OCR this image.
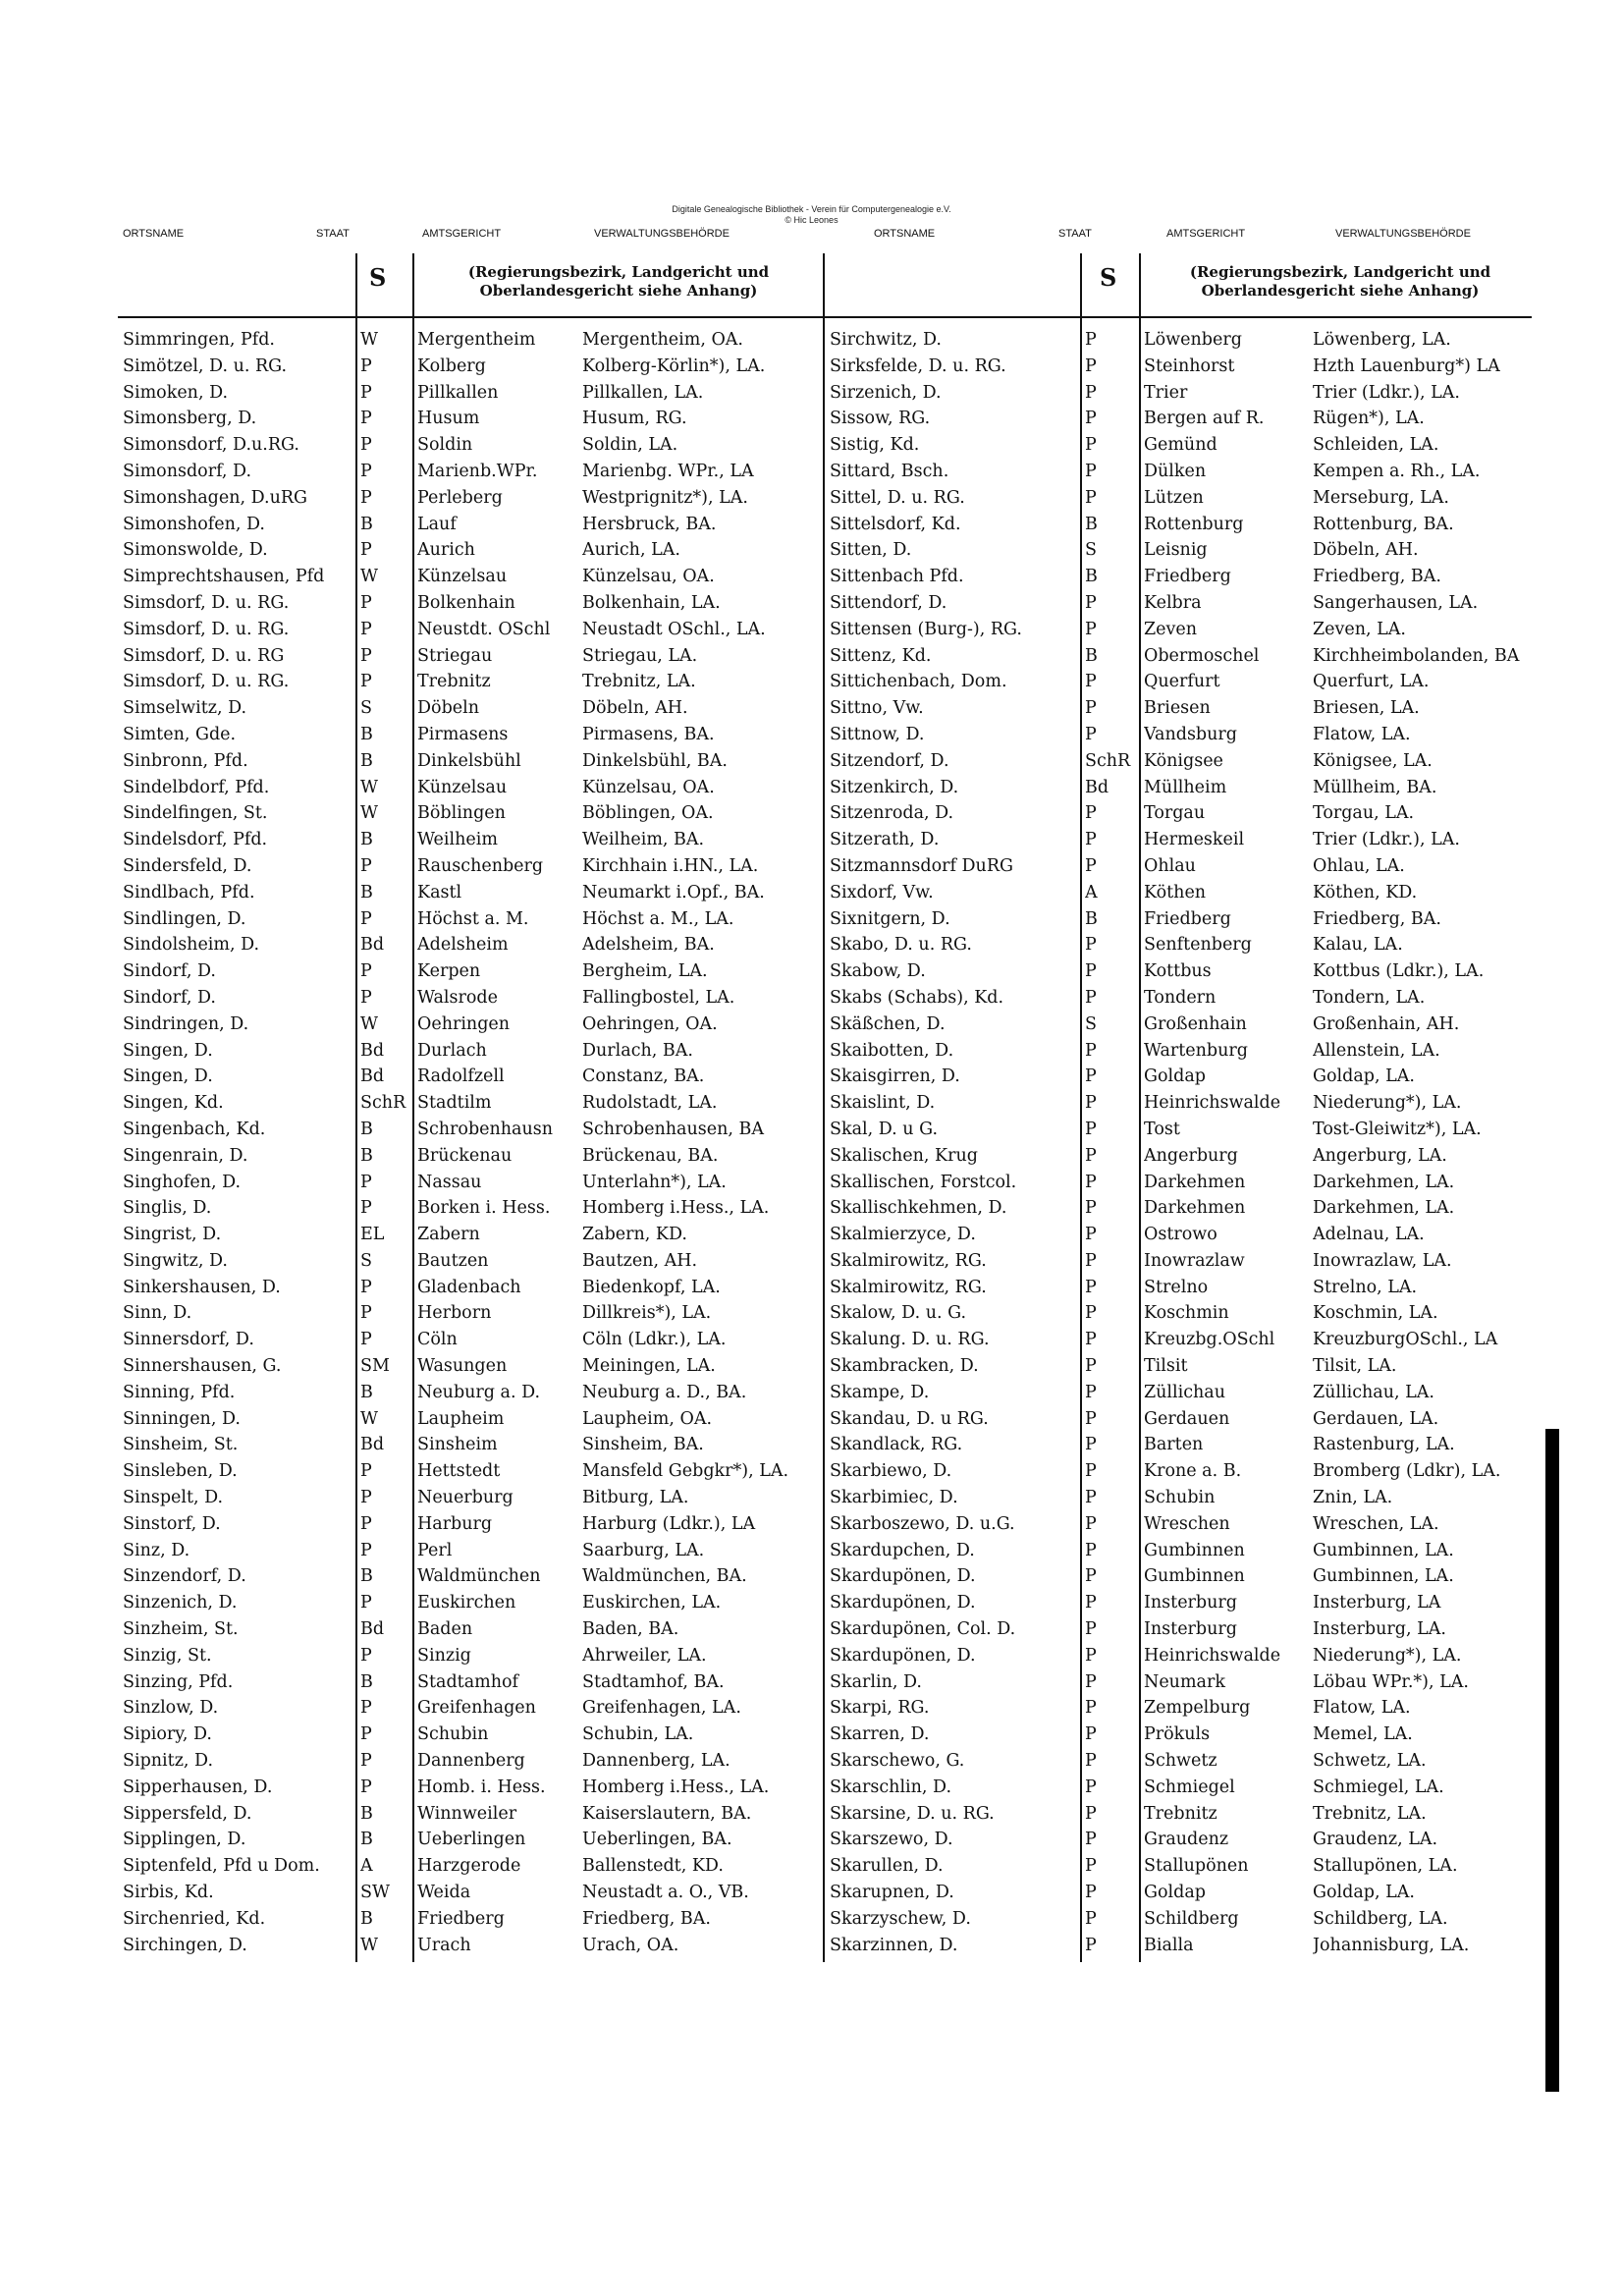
Digitale Genealogische Bibliothek - Verein für Computergenealogie e.V.
© Hic Leones
ORTSNAME	STAAT	AMTSGERICHT	VERWALTUNGSBEHÖRDE	ORTSNAME	STAAT	AMTSGERICHT	VERWALTUNGSBEHÖRDE
S	S
(Regierungsbezirk, Landgericht und Oberlandesgericht siehe Anhang)
(Regierungsbezirk, Landgericht und Oberlandesgericht siehe Anhang)
Simmringen, Pfd.	W	Mergentheim	Mergentheim, OA.
Simötzel, D. u. RG.	P	Kolberg	Kolberg-Körlin*), LA.
Simoken, D.	P	Pillkallen	Pillkallen, LA.
Simonsberg, D.	P	Husum	Husum, RG.
Simonsdorf, D.u.RG.	P	Soldin	Soldin, LA.
Simonsdorf, D.	P	Marienb.WPr.	Marienbg. WPr., LA
Simonshagen, D.uRG	P	Perleberg	Westprignitz*), LA.
Simonshofen, D.	B	Lauf	Hersbruck, BA.
Simonswolde, D.	P	Aurich	Aurich, LA.
Simprechtshausen, Pfd	W	Künzelsau	Künzelsau, OA.
Simsdorf, D. u. RG.	P	Bolkenhain	Bolkenhain, LA.
Simsdorf, D. u. RG.	P	Neustdt. OSchl	Neustadt OSchl., LA.
Simsdorf, D. u. RG	P	Striegau	Striegau, LA.
Simsdorf, D. u. RG.	P	Trebnitz	Trebnitz, LA.
Simselwitz, D.	S	Döbeln	Döbeln, AH.
Simten, Gde.	B	Pirmasens	Pirmasens, BA.
Sinbronn, Pfd.	B	Dinkelsbühl	Dinkelsbühl, BA.
Sindelbdorf, Pfd.	W	Künzelsau	Künzelsau, OA.
Sindelfingen, St.	W	Böblingen	Böblingen, OA.
Sindelsdorf, Pfd.	B	Weilheim	Weilheim, BA.
Sindersfeld, D.	P	Rauschenberg	Kirchhain i.HN., LA.
Sindlbach, Pfd.	B	Kastl	Neumarkt i.Opf., BA.
Sindlingen, D.	P	Höchst a. M.	Höchst a. M., LA.
Sindolsheim, D.	Bd	Adelsheim	Adelsheim, BA.
Sindorf, D.	P	Kerpen	Bergheim, LA.
Sindorf, D.	P	Walsrode	Fallingbostel, LA.
Sindringen, D.	W	Oehringen	Oehringen, OA.
Singen, D.	Bd	Durlach	Durlach, BA.
Singen, D.	Bd	Radolfzell	Constanz, BA.
Singen, Kd.	SchR Stadtilm	Rudolstadt, LA.
Singenbach, Kd.	B	Schrobenhausn	Schrobenhausen, BA
Singenrain, D.	B	Brückenau	Brückenau, BA.
Singhofen, D.	P	Nassau	Unterlahn*), LA.
Singlis, D.	P	Borken i. Hess.	Homberg i.Hess., LA.
Singrist, D.	EL	Zabern	Zabern, KD.
Singwitz, D.	S	Bautzen	Bautzen, AH.
Sinkershausen, D.	P	Gladenbach	Biedenkopf, LA.
Sinn, D.	P	Herborn	Dillkreis*), LA.
Sinnersdorf, D.	P	Cöln	Cöln (Ldkr.), LA.
Sinnershausen, G.	SM	Wasungen	Meiningen, LA.
Sinning, Pfd.	B	Neuburg a. D.	Neuburg a. D., BA.
Sinningen, D.	W	Laupheim	Laupheim, OA.
Sinsheim, St.	Bd	Sinsheim	Sinsheim, BA.
Sinsleben, D.	P	Hettstedt	Mansfeld Gebgkr*), LA.
Sinspelt, D.	P	Neuerburg	Bitburg, LA.
Sinstorf, D.	P	Harburg	Harburg (Ldkr.), LA
Sinz, D.	P	Perl	Saarburg, LA.
Sinzendorf, D.	B	Waldmünchen	Waldmünchen, BA.
Sinzenich, D.	P	Euskirchen	Euskirchen, LA.
Sinzheim, St.	Bd	Baden	Baden, BA.
Sinzig, St.	P	Sinzig	Ahrweiler, LA.
Sinzing, Pfd.	B	Stadtamhof	Stadtamhof, BA.
Sinzlow, D.	P	Greifenhagen	Greifenhagen, LA.
Sipiory, D.	P	Schubin	Schubin, LA.
Sipnitz, D.	P	Dannenberg	Dannenberg, LA.
Sipperhausen, D.	P	Homb. i. Hess.	Homberg i.Hess., LA.
Sippersfeld, D.	B	Winnweiler	Kaiserslautern, BA.
Sipplingen, D.	B	Ueberlingen	Ueberlingen, BA.
Siptenfeld, Pfd u Dom.	A	Harzgerode	Ballenstedt, KD.
Sirbis, Kd.	SW	Weida	Neustadt a. O., VB.
Sirchenried, Kd.	B	Friedberg	Friedberg, BA.
Sirchingen, D.	W	Urach	Urach, OA.
Sirchwitz, D.	P	Löwenberg	Löwenberg, LA.
Sirksfelde, D. u. RG.	P	Steinhorst	Hzth Lauenburg*) LA
Sirzenich, D.	P	Trier	Trier (Ldkr.), LA.
Sissow, RG.	P	Bergen auf R.	Rügen*), LA.
Sistig, Kd.	P	Gemünd	Schleiden, LA.
Sittard, Bsch.	P	Dülken	Kempen a. Rh., LA.
Sittel, D. u. RG.	P	Lützen	Merseburg, LA.
Sittelsdorf, Kd.	B	Rottenburg	Rottenburg, BA.
Sitten, D.	S	Leisnig	Döbeln, AH.
Sittenbach Pfd.	B	Friedberg	Friedberg, BA.
Sittendorf, D.	P	Kelbra	Sangerhausen, LA.
Sittensen (Burg-), RG.	P	Zeven	Zeven, LA.
Sittenz, Kd.	B	Obermoschel	Kirchheimbolanden, BA
Sittichenbach, Dom.	P	Querfurt	Querfurt, LA.
Sittno, Vw.	P	Briesen	Briesen, LA.
Sittnow, D.	P	Vandsburg	Flatow, LA.
Sitzendorf, D.	SchR Königsee	Königsee, LA.
Sitzenkirch, D.	Bd	Müllheim	Müllheim, BA.
Sitzenroda, D.	P	Torgau	Torgau, LA.
Sitzerath, D.	P	Hermeskeil	Trier (Ldkr.), LA.
Sitzmannsdorf DuRG	P	Ohlau	Ohlau, LA.
Sixdorf, Vw.	A	Köthen	Köthen, KD.
Sixnitgern, D.	B	Friedberg	Friedberg, BA.
Skabo, D. u. RG.	P	Senftenberg	Kalau, LA.
Skabow, D.	P	Kottbus	Kottbus (Ldkr.), LA.
Skabs (Schabs), Kd.	P	Tondern	Tondern, LA.
Skäßchen, D.	S	Großenhain	Großenhain, AH.
Skaibotten, D.	P	Wartenburg	Allenstein, LA.
Skaisgirren, D.	P	Goldap	Goldap, LA.
Skaislint, D.	P	Heinrichswalde	Niederung*), LA.
Skal, D. u G.	P	Tost	Tost-Gleiwitz*), LA.
Skalischen, Krug	P	Angerburg	Angerburg, LA.
Skallischen, Forstcol.	P	Darkehmen	Darkehmen, LA.
Skallischkehmen, D.	P	Darkehmen	Darkehmen, LA.
Skalmierzyce, D.	P	Ostrowo	Adelnau, LA.
Skalmirowitz, RG.	P	Inowrazlaw	Inowrazlaw, LA.
Skalmirowitz, RG.	P	Strelno	Strelno, LA.
Skalow, D. u. G.	P	Koschmin	Koschmin, LA.
Skalung. D. u. RG.	P	Kreuzbg.OSchl	KreuzburgOSchl., LA
Skambracken, D.	P	Tilsit	Tilsit, LA.
Skampe, D.	P	Züllichau	Züllichau, LA.
Skandau, D. u RG.	P	Gerdauen	Gerdauen, LA.
Skandlack, RG.	P	Barten	Rastenburg, LA.
Skarbiewo, D.	P	Krone a. B.	Bromberg (Ldkr), LA.
Skarbimiec, D.	P	Schubin	Znin, LA.
Skarboszewo, D. u.G.	P	Wreschen	Wreschen, LA.
Skardupchen, D.	P	Gumbinnen	Gumbinnen, LA.
Skardupönen, D.	P	Gumbinnen	Gumbinnen, LA.
Skardupönen, D.	P	Insterburg	Insterburg, LA
Skardupönen, Col. D.	P	Insterburg	Insterburg, LA.
Skardupönen, D.	P	Heinrichswalde	Niederung*), LA.
Skarlin, D.	P	Neumark	Löbau WPr.*), LA.
Skarpi, RG.	P	Zempelburg	Flatow, LA.
Skarren, D.	P	Prökuls	Memel, LA.
Skarschewo, G.	P	Schwetz	Schwetz, LA.
Skarschlin, D.	P	Schmiegel	Schmiegel, LA.
Skarsine, D. u. RG.	P	Trebnitz	Trebnitz, LA.
Skarszewo, D.	P	Graudenz	Graudenz, LA.
Skarullen, D.	P	Stallupönen	Stallupönen, LA.
Skarupnen, D.	P	Goldap	Goldap, LA.
Skarzyschew, D.	P	Schildberg	Schildberg, LA.
Skarzinnen, D.	P	Bialla	Johannisburg, LA.
